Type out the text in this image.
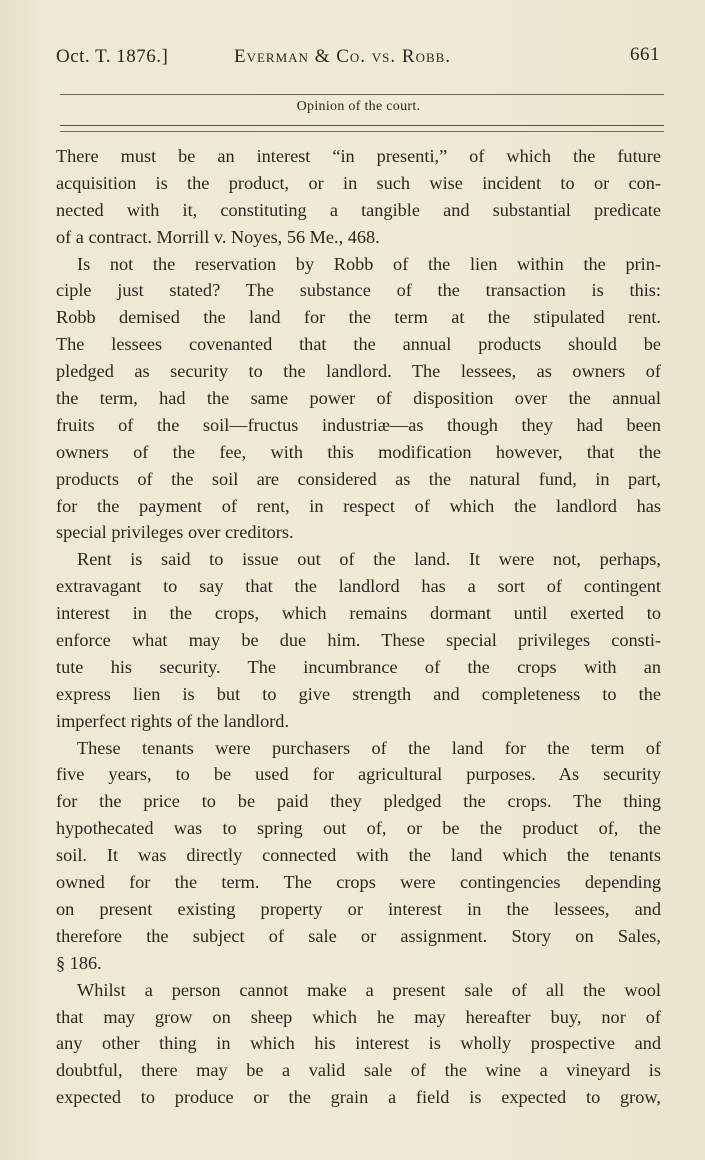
Oct. T. 1876.]	Everman & Co. vs. Robb.	661
Opinion of the court.
There must be an interest “in presenti,” of which the future
acquisition is the product, or in such wise incident to or con-
nected with it, constituting a tangible and substantial predicate
of a contract. Morrill v. Noyes, 56 Me., 468.
Is not the reservation by Robb of the lien within the prin-
ciple just stated? The substance of the transaction is this:
Robb demised the land for the term at the stipulated rent.
The lessees covenanted that the annual products should be
pledged as security to the landlord. The lessees, as owners of
the term, had the same power of disposition over the annual
fruits of the soil—fructus industriæ—as though they had been
owners of the fee, with this modification however, that the
products of the soil are considered as the natural fund, in part,
for the payment of rent, in respect of which the landlord has
special privileges over creditors.
Rent is said to issue out of the land. It were not, perhaps,
extravagant to say that the landlord has a sort of contingent
interest in the crops, which remains dormant until exerted to
enforce what may be due him. These special privileges consti-
tute his security. The incumbrance of the crops with an
express lien is but to give strength and completeness to the
imperfect rights of the landlord.
These tenants were purchasers of the land for the term of
five years, to be used for agricultural purposes. As security
for the price to be paid they pledged the crops. The thing
hypothecated was to spring out of, or be the product of, the
soil. It was directly connected with the land which the tenants
owned for the term. The crops were contingencies depending
on present existing property or interest in the lessees, and
therefore the subject of sale or assignment. Story on Sales,
§ 186.
Whilst a person cannot make a present sale of all the wool
that may grow on sheep which he may hereafter buy, nor of
any other thing in which his interest is wholly prospective and
doubtful, there may be a valid sale of the wine a vineyard is
expected to produce or the grain a field is expected to grow,
